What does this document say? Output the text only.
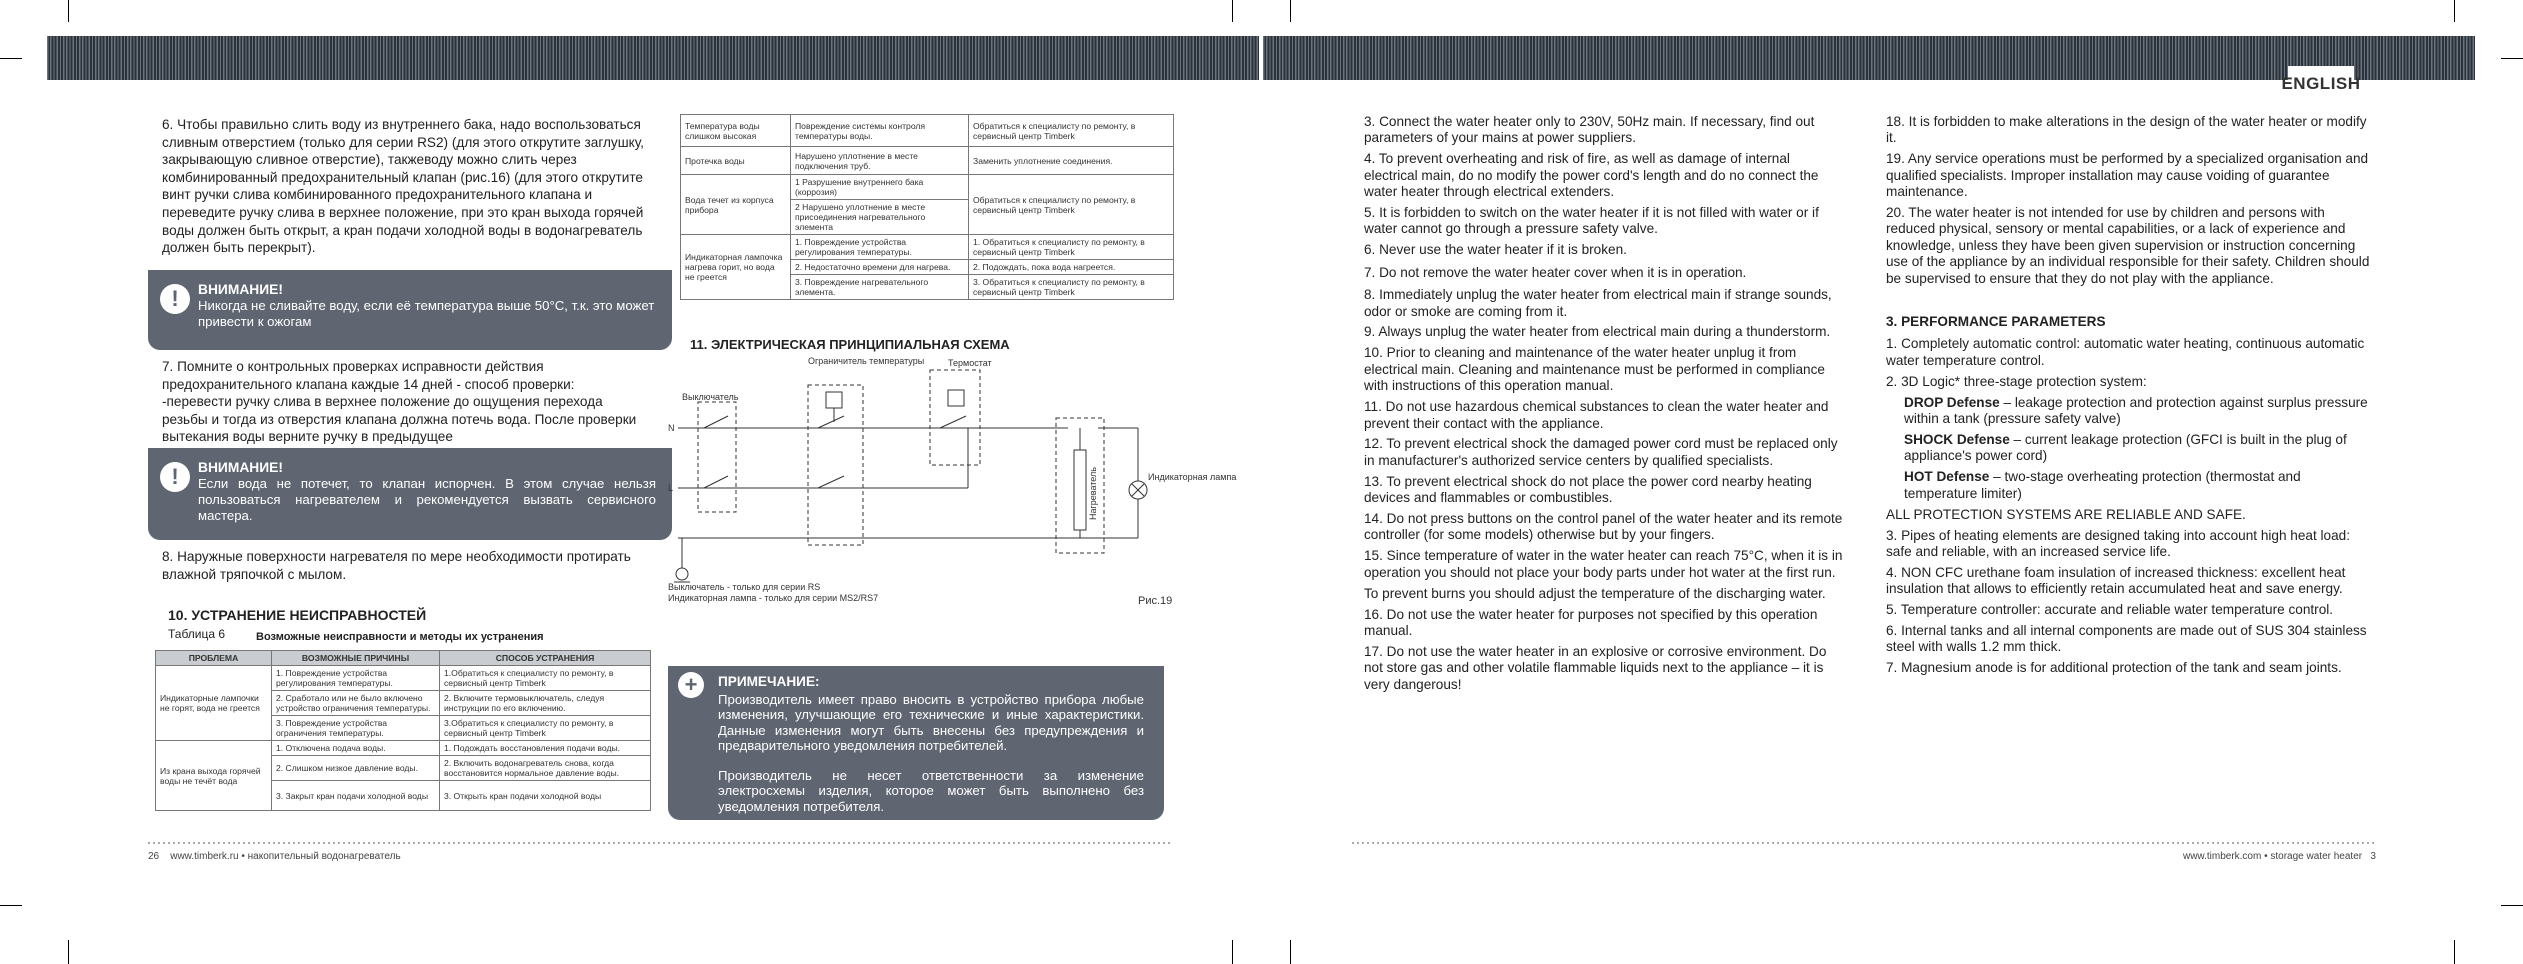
ENGLISH
6. Чтобы правильно слить воду из внутреннего бака, надо воспользоваться сливным отверстием (только для серии RS2) (для этого открутите заглушку, закрывающую сливное отверстие), такжеводу можно слить через комбинированный предохранительный клапан (рис.16) (для этого открутите винт ручки слива комбинированного предохранительного клапана и переведите ручку слива в верхнее положение, при это кран выхода горячей воды должен быть открыт, а кран подачи холодной воды в водонагреватель должен быть перекрыт).
!	ВНИМАНИЕ!
Никогда не сливайте воду, если её температура выше 50°C, т.к. это может привести к ожогам
7. Помните о контрольных проверках исправности действия предохранительного клапана каждые 14 дней - способ проверки: -перевести ручку слива в верхнее положение до ощущения перехода резьбы и тогда из отверстия клапана должна потечь вода. После проверки вытекания воды верните ручку в предыдущее
!	ВНИМАНИЕ!
Если вода не потечет, то клапан испорчен. В этом случае нельзя пользоваться нагревателем и рекомендуется вызвать сервисного мастера.
8. Наружные поверхности нагревателя по мере необходимости протирать влажной тряпочкой с мылом.
10. УСТРАНЕНИЕ НЕИСПРАВНОСТЕЙ
Таблица 6	Возможные неисправности и методы их устранения
ПРОБЛЕМА	ВОЗМОЖНЫЕ ПРИЧИНЫ	СПОСОБ УСТРАНЕНИЯ
Индикаторные лампочки не горят, вода не греется	1. Повреждение устройства регулирования температуры.	1.Обратиться к специалисту по ремонту, в сервисный центр Timberk
	2. Сработало или не было включено устройство ограничения температуры.	2. Включите термовыключатель, следуя инструкции по его включению.
	3. Повреждение устройства ограничения температуры.	3.Обратиться к специалисту по ремонту, в сервисный центр Timberk
Из крана выхода горячей воды не течёт вода	1. Отключена подача воды.	1. Подождать восстановления подачи воды.
	2. Слишком низкое давление воды.	2. Включить водонагреватель снова, когда восстановится нормальное давление воды.
	3. Закрыт кран подачи холодной воды	3. Открыть кран подачи холодной воды
Температура воды слишком высокая	Повреждение системы контроля температуры воды.	Обратиться к специалисту по ремонту, в сервисный центр Timberk
Протечка воды	Нарушено уплотнение в месте подключения труб.	Заменить уплотнение соединения.
Вода течет из корпуса прибора	1 Разрушение внутреннего бака (коррозия)	Обратиться к специалисту по ремонту, в сервисный центр Timberk
	2 Нарушено уплотнение в месте присоединения нагревательного элемента	
Индикаторная лампочка нагрева горит, но вода не греется	1. Повреждение устройства регулирования температуры.	1. Обратиться к специалисту по ремонту, в сервисный центр Timberk
	2. Недостаточно времени для нагрева.	2. Подождать, пока вода нагреется.
	3. Повреждение нагревательного элемента.	3. Обратиться к специалисту по ремонту, в сервисный центр Timberk
11. ЭЛЕКТРИЧЕСКАЯ ПРИНЦИПИАЛЬНАЯ СХЕМА
Ограничитель температуры	Термостат
Выключатель
Индикаторная лампа
N
L	Нагреватель
Выключатель - только для серии RS
Индикаторная лампа - только для серии MS2/RS7	Рис.19
+	ПРИМЕЧАНИЕ:
Производитель имеет право вносить в устройство прибора любые изменения, улучшающие его технические и иные характеристики. Данные изменения могут быть внесены без предупреждения и предварительного уведомления потребителей.
Производитель не несет ответственности за изменение электросхемы изделия, которое может быть выполнено без уведомления потребителя.
3. Connect the water heater only to 230V, 50Hz main. If necessary, find out parameters of your mains at power suppliers.
4. To prevent overheating and risk of fire, as well as damage of internal electrical main, do no modify the power cord's length and do no connect the water heater through electrical extenders.
5. It is forbidden to switch on the water heater if it is not filled with water or if water cannot go through a pressure safety valve.
6. Never use the water heater if it is broken.
7. Do not remove the water heater cover when it is in operation.
8. Immediately unplug the water heater from electrical main if strange sounds, odor or smoke are coming from it.
9. Always unplug the water heater from electrical main during a thunderstorm.
10. Prior to cleaning and maintenance of the water heater unplug it from electrical main. Cleaning and maintenance must be performed in compliance with instructions of this operation manual.
11. Do not use hazardous chemical substances to clean the water heater and prevent their contact with the appliance.
12. To prevent electrical shock the damaged power cord must be replaced only in manufacturer's authorized service centers by qualified specialists.
13. To prevent electrical shock do not place the power cord nearby heating devices and flammables or combustibles.
14. Do not press buttons on the control panel of the water heater and its remote controller (for some models) otherwise but by your fingers.
15. Since temperature of water in the water heater can reach 75°C, when it is in operation you should not place your body parts under hot water at the first run.
To prevent burns you should adjust the temperature of the discharging water.
16. Do not use the water heater for purposes not specified by this operation manual.
17. Do not use the water heater in an explosive or corrosive environment. Do not store gas and other volatile flammable liquids next to the appliance – it is very dangerous!
18. It is forbidden to make alterations in the design of the water heater or modify it.
19. Any service operations must be performed by a specialized organisation and qualified specialists. Improper installation may cause voiding of guarantee maintenance.
20. The water heater is not intended for use by children and persons with reduced physical, sensory or mental capabilities, or a lack of experience and knowledge, unless they have been given supervision or instruction concerning use of the appliance by an individual responsible for their safety. Children should be supervised to ensure that they do not play with the appliance.
3. PERFORMANCE PARAMETERS
1. Completely automatic control: automatic water heating, continuous automatic water temperature control.
2. 3D Logic* three-stage protection system:
DROP Defense – leakage protection and protection against surplus pressure within a tank (pressure safety valve)
SHOCK Defense – current leakage protection (GFCI is built in the plug of appliance's power cord)
HOT Defense – two-stage overheating protection (thermostat and temperature limiter)
ALL PROTECTION SYSTEMS ARE RELIABLE AND SAFE.
3. Pipes of heating elements are designed taking into account high heat load: safe and reliable, with an increased service life.
4. NON CFC urethane foam insulation of increased thickness: excellent heat insulation that allows to efficiently retain accumulated heat and save energy.
5. Temperature controller: accurate and reliable water temperature control.
6. Internal tanks and all internal components are made out of SUS 304 stainless steel with walls 1.2 mm thick.
7. Magnesium anode is for additional protection of the tank and seam joints.
26    www.timberk.ru • накопительный водонагреватель	www.timberk.com • storage water heater   3
